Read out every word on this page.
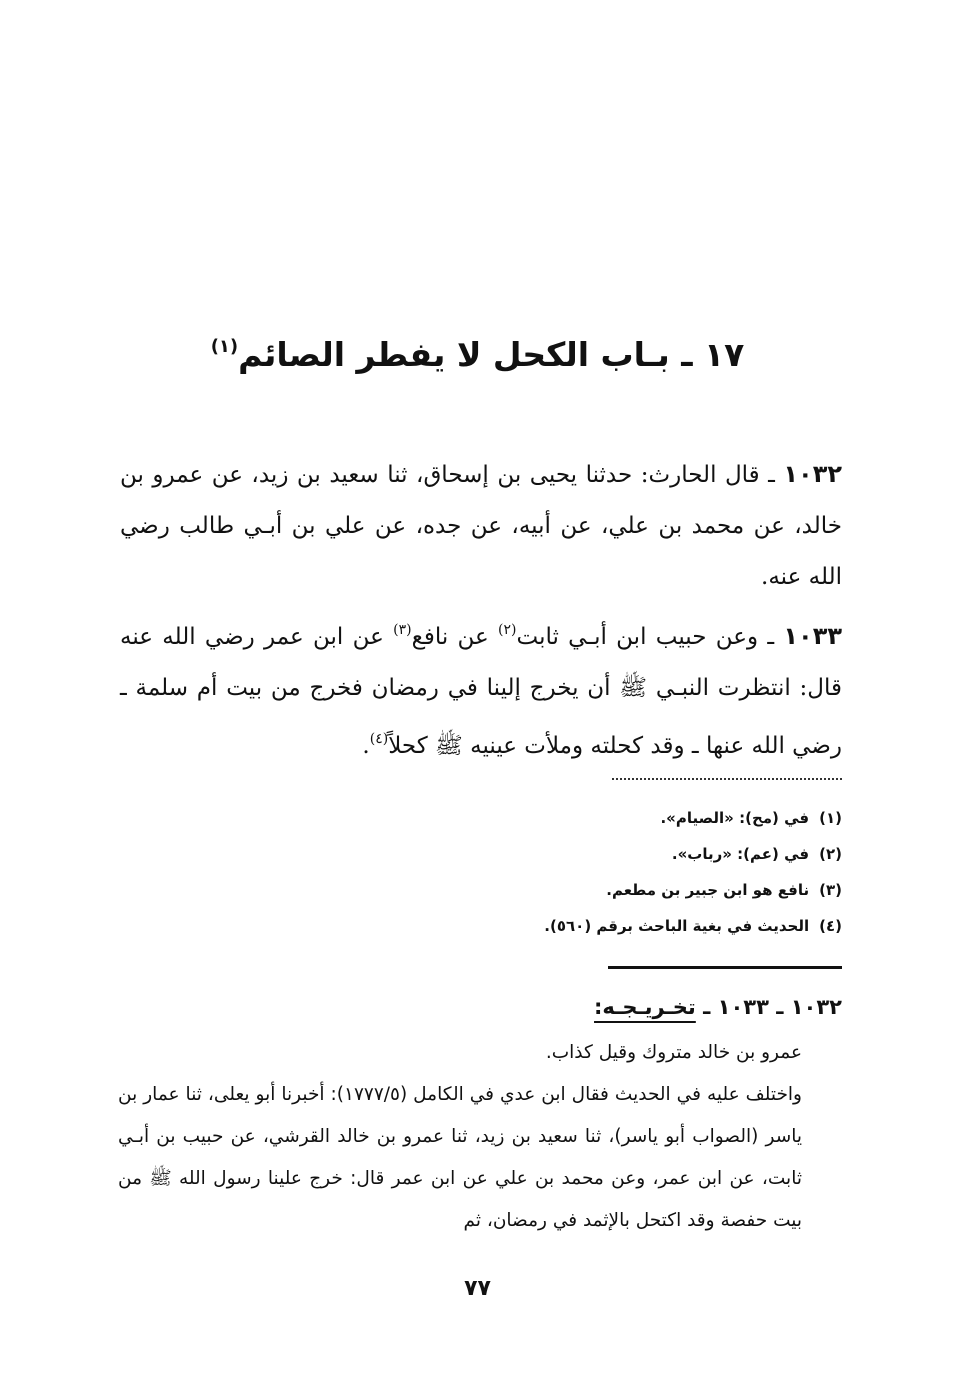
١٧ ـ بـاب الكحل لا يفطر الصائم$^{(١)}$

١٠٣٢ ـ قال الحارث: حدثنا يحيى بن إسحاق، ثنا سعيد بن زيد، عن عمرو بن خالد، عن محمد بن علي، عن أبيه، عن جده، عن علي بن أبـي طالب رضي الله عنه.

١٠٣٣ ـ وعن حبيب ابن أبـي ثابت$^{(٢)}$ عن نافع$^{(٣)}$ عن ابن عمر رضي الله عنه قال: انتظرت النبـي ﷺ أن يخرج إلينا في رمضان فخرج من بيت أم سلمة ـ رضي الله عنها ـ وقد كحلته وملأت عينيه ﷺ كحلاً$^{(٤)}$.

(١)في (مح): «الصيام».
(٢)في (عم): «رباب».
(٣)نافع هو ابن جبير بن مطعم.
(٤)الحديث في بغية الباحث برقم (٥٦٠).
١٠٣٢ ـ ١٠٣٣ ـ تخـريـجـه:

عمرو بن خالد متروك وقيل كذاب.

واختلف عليه في الحديث فقال ابن عدي في الكامل (١٧٧٧/٥): أخبرنا أبو يعلى، ثنا عمار بن ياسر (الصواب أبو ياسر)، ثنا سعيد بن زيد، ثنا عمرو بن خالد القرشي، عن حبيب بن أبـي ثابت، عن ابن عمر، وعن محمد بن علي عن ابن عمر قال: خرج علينا رسول الله ﷺ من بيت حفصة وقد اكتحل بالإثمد في رمضان، ثم

٧٧
